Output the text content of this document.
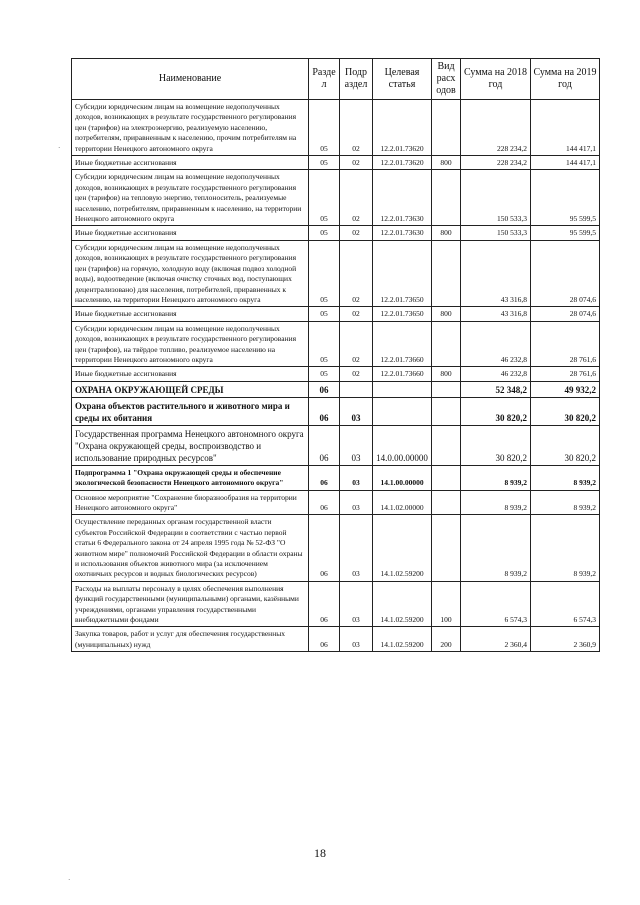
Наименование	Разде л	Подр аздел	Целевая статья	Вид расх одов	Сумма на 2018 год	Сумма на 2019 год
Субсидии юридическим лицам на возмещение недополученных доходов, возникающих в результате государственного регулирования цен (тарифов) на электроэнергию, реализуемую населению, потребителям, приравненным к населению, прочим потребителям на территории Ненецкого автономного округа	05	02	12.2.01.73620		228 234,2	144 417,1
Иные бюджетные ассигнования	05	02	12.2.01.73620	800	228 234,2	144 417,1
Субсидии юридическим лицам на возмещение недополученных доходов, возникающих в результате государственного регулирования цен (тарифов) на тепловую энергию, теплоноситель, реализуемые населению, потребителям, приравненным к населению, на территории Ненецкого автономного округа	05	02	12.2.01.73630		150 533,3	95 599,5
Иные бюджетные ассигнования	05	02	12.2.01.73630	800	150 533,3	95 599,5
Субсидии юридическим лицам на возмещение недополученных доходов, возникающих в результате государственного регулирования цен (тарифов) на горячую, холодную воду (включая подвоз холодной воды), водоотведение (включая очистку сточных вод, поступающих децентрализовано) для населения, потребителей, приравненных к населению, на территории Ненецкого автономного округа	05	02	12.2.01.73650		43 316,8	28 074,6
Иные бюджетные ассигнования	05	02	12.2.01.73650	800	43 316,8	28 074,6
Субсидии юридическим лицам на возмещение недополученных доходов, возникающих в результате государственного регулирования цен (тарифов), на твёрдое топливо, реализуемое населению на территории Ненецкого автономного округа	05	02	12.2.01.73660		46 232,8	28 761,6
Иные бюджетные ассигнования	05	02	12.2.01.73660	800	46 232,8	28 761,6
ОХРАНА ОКРУЖАЮЩЕЙ СРЕДЫ	06				52 348,2	49 932,2
Охрана объектов растительного и животного мира и среды их обитания	06	03			30 820,2	30 820,2
Государственная программа Ненецкого автономного округа "Охрана окружающей среды, воспроизводство и использование природных ресурсов"	06	03	14.0.00.00000		30 820,2	30 820,2
Подпрограмма 1 "Охрана окружающей среды и обеспечение экологической безопасности Ненецкого автономного округа"	06	03	14.1.00.00000		8 939,2	8 939,2
Основное мероприятие "Сохранение биоразнообразия на территории Ненецкого автономного округа"	06	03	14.1.02.00000		8 939,2	8 939,2
Осуществление переданных органам государственной власти субъектов Российской Федерации в соответствии с частью первой статьи 6 Федерального закона от 24 апреля 1995 года № 52-ФЗ "О животном мире" полномочий Российской Федерации в области охраны и использования объектов животного мира (за исключением охотничьих ресурсов и водных биологических ресурсов)	06	03	14.1.02.59200		8 939,2	8 939,2
Расходы на выплаты персоналу в целях обеспечения выполнения функций государственными (муниципальными) органами, казёнными учреждениями, органами управления государственными внебюджетными фондами	06	03	14.1.02.59200	100	6 574,3	6 574,3
Закупка товаров, работ и услуг для обеспечения государственных (муниципальных) нужд	06	03	14.1.02.59200	200	2 360,4	2 360,9
18
·
·
